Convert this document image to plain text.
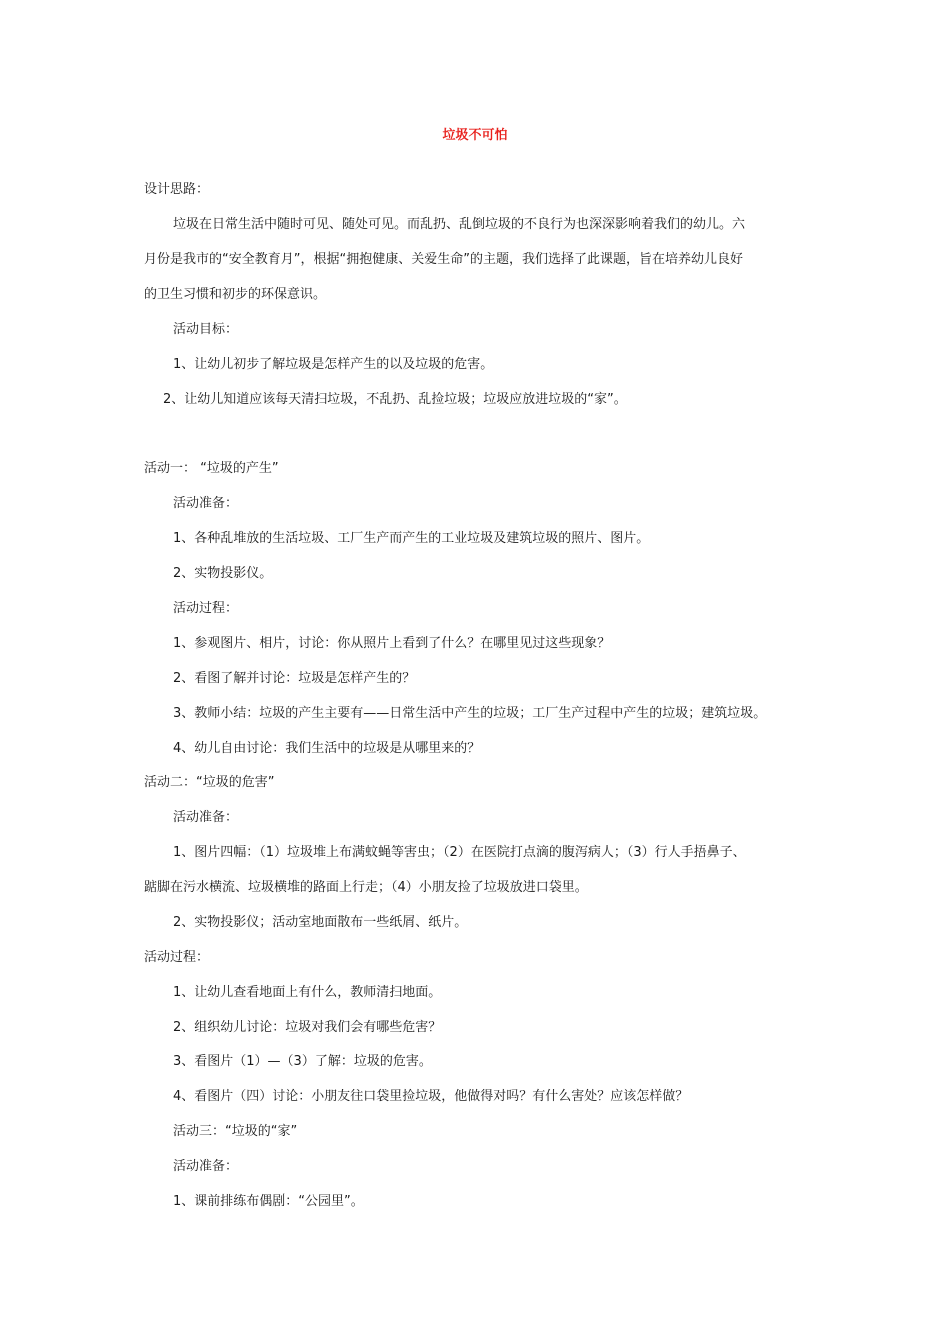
垃圾不可怕
设计思路：
垃圾在日常生活中随时可见、随处可见。而乱扔、乱倒垃圾的不良行为也深深影响着我们的幼儿。六
月份是我市的“安全教育月”，根据“拥抱健康、关爱生命”的主题，我们选择了此课题，旨在培养幼儿良好
的卫生习惯和初步的环保意识。
活动目标：
1、让幼儿初步了解垃圾是怎样产生的以及垃圾的危害。
2、让幼儿知道应该每天清扫垃圾，不乱扔、乱捡垃圾；垃圾应放进垃圾的“家”。
活动一： “垃圾的产生”
活动准备：
1、各种乱堆放的生活垃圾、工厂生产而产生的工业垃圾及建筑垃圾的照片、图片。
2、实物投影仪。
活动过程：
1、参观图片、相片，讨论：你从照片上看到了什么？在哪里见过这些现象？
2、看图了解并讨论：垃圾是怎样产生的？
3、教师小结：垃圾的产生主要有——日常生活中产生的垃圾；工厂生产过程中产生的垃圾；建筑垃圾。
4、幼儿自由讨论：我们生活中的垃圾是从哪里来的？
活动二：“垃圾的危害”
活动准备：
1、图片四幅：（1）垃圾堆上布满蚊蝇等害虫；（2）在医院打点滴的腹泻病人；（3）行人手捂鼻子、
踮脚在污水横流、垃圾横堆的路面上行走；（4）小朋友捡了垃圾放进口袋里。
2、实物投影仪；活动室地面散布一些纸屑、纸片。
活动过程：
1、让幼儿查看地面上有什么，教师清扫地面。
2、组织幼儿讨论：垃圾对我们会有哪些危害？
3、看图片（1）—（3）了解：垃圾的危害。
4、看图片（四）讨论：小朋友往口袋里捡垃圾，他做得对吗？有什么害处？应该怎样做？
活动三：“垃圾的“家”
活动准备：
1、课前排练布偶剧：“公园里”。
